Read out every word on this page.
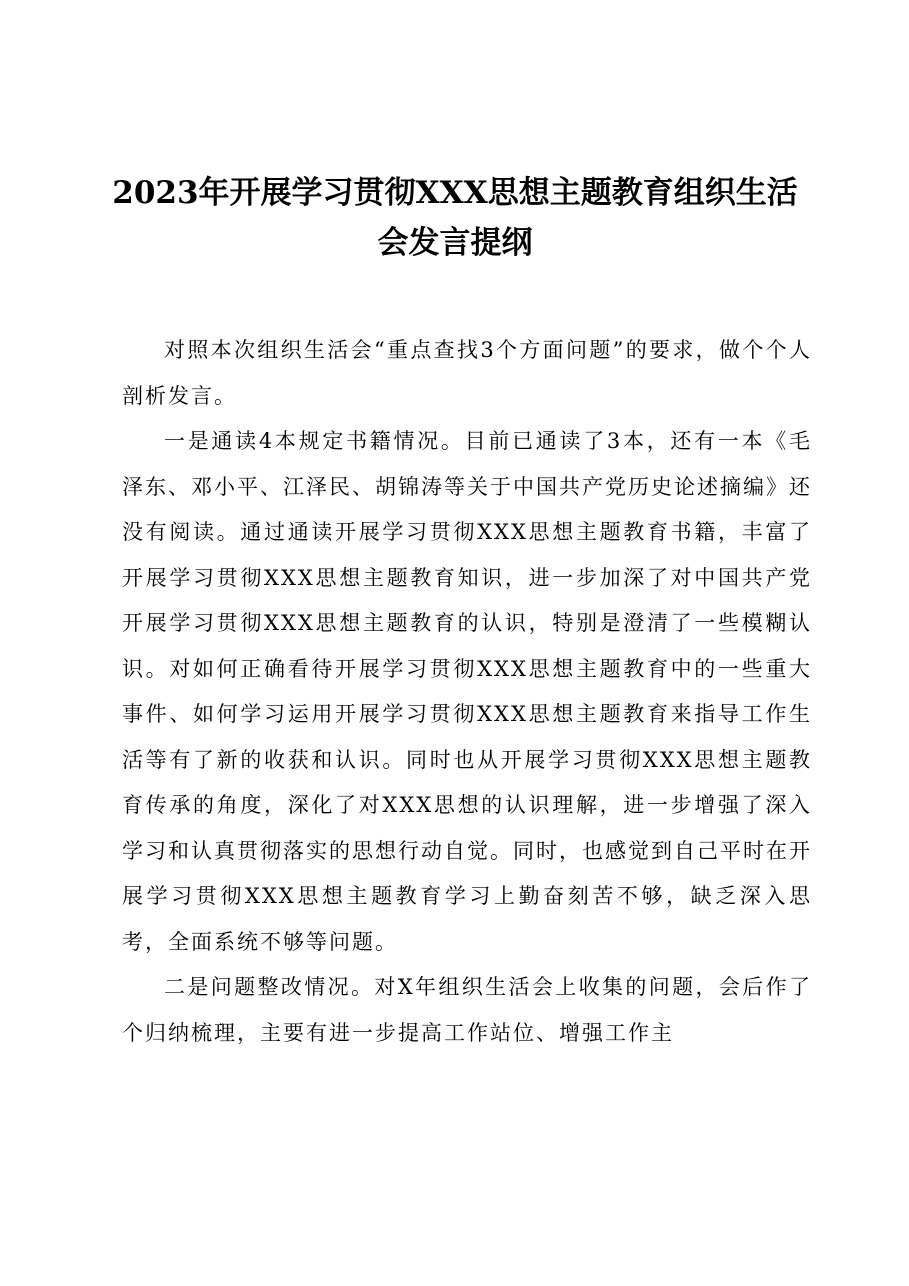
2023年开展学习贯彻XXX思想主题教育组织生活会发言提纲

对照本次组织生活会“重点查找3个方面问题”的要求，做个个人剖析发言。

一是通读4本规定书籍情况。目前已通读了3本，还有一本《毛泽东、邓小平、江泽民、胡锦涛等关于中国共产党历史论述摘编》还没有阅读。通过通读开展学习贯彻XXX思想主题教育书籍，丰富了开展学习贯彻XXX思想主题教育知识，进一步加深了对中国共产党开展学习贯彻XXX思想主题教育的认识，特别是澄清了一些模糊认识。对如何正确看待开展学习贯彻XXX思想主题教育中的一些重大事件、如何学习运用开展学习贯彻XXX思想主题教育来指导工作生活等有了新的收获和认识。同时也从开展学习贯彻XXX思想主题教育传承的角度，深化了对XXX思想的认识理解，进一步增强了深入学习和认真贯彻落实的思想行动自觉。同时，也感觉到自己平时在开展学习贯彻XXX思想主题教育学习上勤奋刻苦不够，缺乏深入思考，全面系统不够等问题。

二是问题整改情况。对X年组织生活会上收集的问题，会后作了个归纳梳理，主要有进一步提高工作站位、增强工作主
